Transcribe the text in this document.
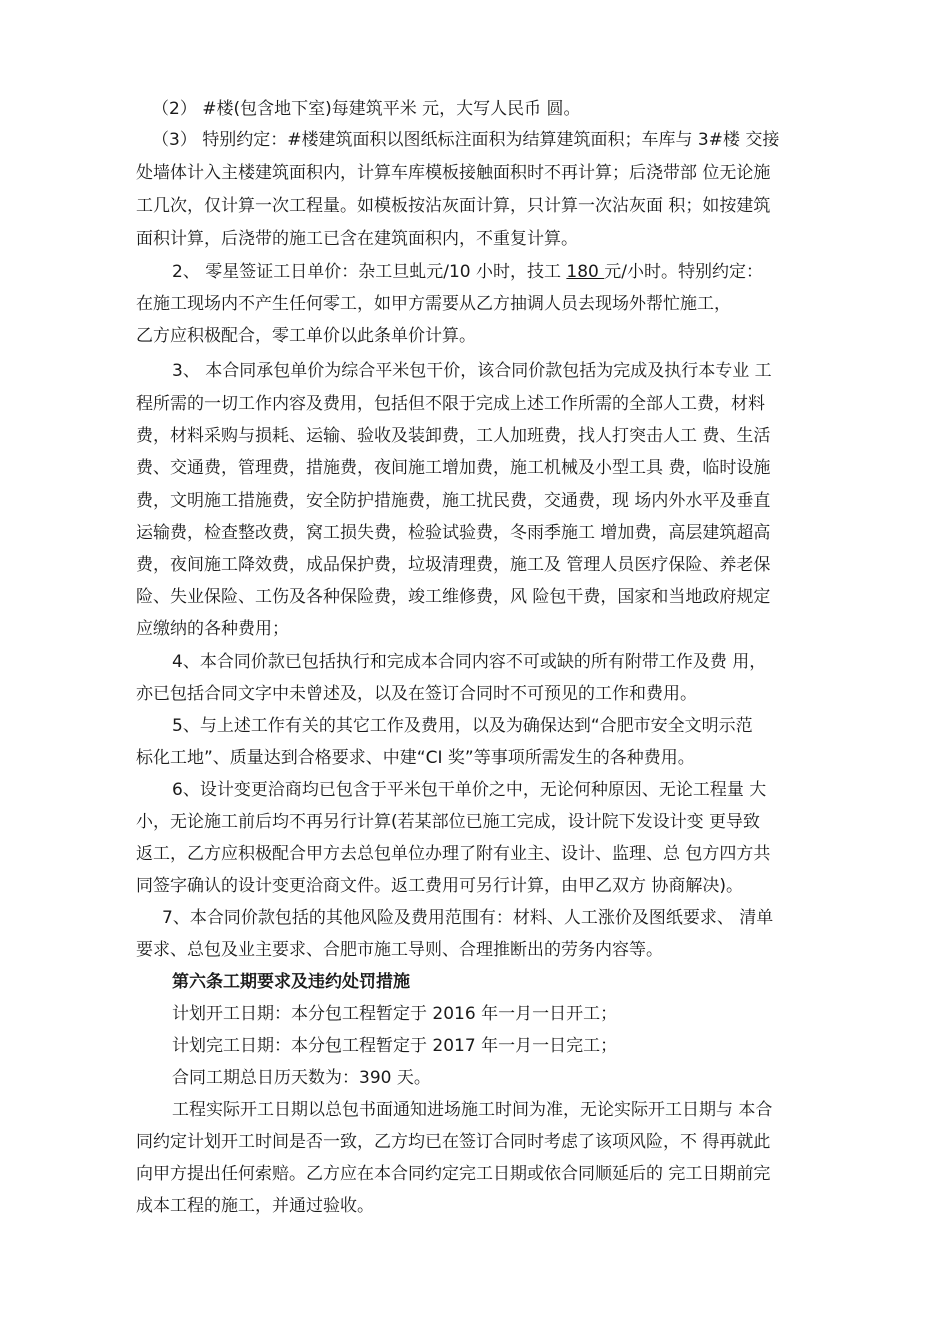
（2） #楼(包含地下室)每建筑平米 元，大写人民币 圆。
（3） 特别约定：#楼建筑面积以图纸标注面积为结算建筑面积；车库与 3#楼 交接
处墙体计入主楼建筑面积内，计算车库模板接触面积时不再计算；后浇带部 位无论施
工几次，仅计算一次工程量。如模板按沾灰面计算，只计算一次沾灰面 积；如按建筑
面积计算，后浇带的施工已含在建筑面积内，不重复计算。
2、 零星签证工日单价：杂工旦虬元/10 小时，技工 180 元/小时。特别约定：
在施工现场内不产生任何零工，如甲方需要从乙方抽调人员去现场外帮忙施工，
乙方应积极配合，零工单价以此条单价计算。
3、 本合同承包单价为综合平米包干价，该合同价款包括为完成及执行本专业 工
程所需的一切工作内容及费用，包括但不限于完成上述工作所需的全部人工费，材料
费，材料采购与损耗、运输、验收及装卸费，工人加班费，找人打突击人工 费、生活
费、交通费，管理费，措施费，夜间施工增加费，施工机械及小型工具 费，临时设施
费，文明施工措施费，安全防护措施费，施工扰民费，交通费，现 场内外水平及垂直
运输费，检查整改费，窝工损失费，检验试验费，冬雨季施工 增加费，高层建筑超高
费，夜间施工降效费，成品保护费，垃圾清理费，施工及 管理人员医疗保险、养老保
险、失业保险、工伤及各种保险费，竣工维修费，风 险包干费，国家和当地政府规定
应缴纳的各种费用；
4、本合同价款已包括执行和完成本合同内容不可或缺的所有附带工作及费 用，
亦已包括合同文字中未曾述及，以及在签订合同时不可预见的工作和费用。
5、与上述工作有关的其它工作及费用，以及为确保达到“合肥市安全文明示范
标化工地”、质量达到合格要求、中建“CI 奖”等事项所需发生的各种费用。
6、设计变更洽商均已包含于平米包干单价之中，无论何种原因、无论工程量 大
小，无论施工前后均不再另行计算(若某部位已施工完成，设计院下发设计变 更导致
返工，乙方应积极配合甲方去总包单位办理了附有业主、设计、监理、总 包方四方共
同签字确认的设计变更洽商文件。返工费用可另行计算，由甲乙双方 协商解决)。
7、本合同价款包括的其他风险及费用范围有：材料、人工涨价及图纸要求、 清单
要求、总包及业主要求、合肥市施工导则、合理推断出的劳务内容等。
第六条工期要求及违约处罚措施
计划开工日期：本分包工程暂定于 2016 年一月一日开工；
计划完工日期：本分包工程暂定于 2017 年一月一日完工；
合同工期总日历天数为：390 天。
工程实际开工日期以总包书面通知进场施工时间为准，无论实际开工日期与 本合
同约定计划开工时间是否一致，乙方均已在签订合同时考虑了该项风险，不 得再就此
向甲方提出任何索赔。乙方应在本合同约定完工日期或依合同顺延后的 完工日期前完
成本工程的施工，并通过验收。
